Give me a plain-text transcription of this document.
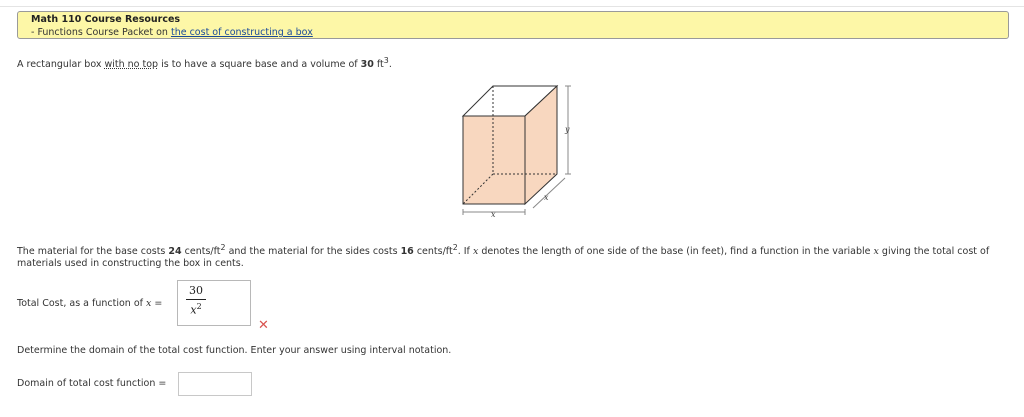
Math 110 Course Resources
- Functions Course Packet on the cost of constructing a box
A rectangular box with no top is to have a square base and a volume of 30 $ft^3$.
y
x
x
The material for the base costs 24 cents/$ft^2$ and the material for the sides costs 16 cents/$ft^2$. If x denotes the length of one side of the base (in feet), find a function in the variable x giving the total cost of materials used in constructing the box in cents.
Total Cost, as a function of x =
30
$x^2$
✕
Determine the domain of the total cost function. Enter your answer using interval notation.
Domain of total cost function =
